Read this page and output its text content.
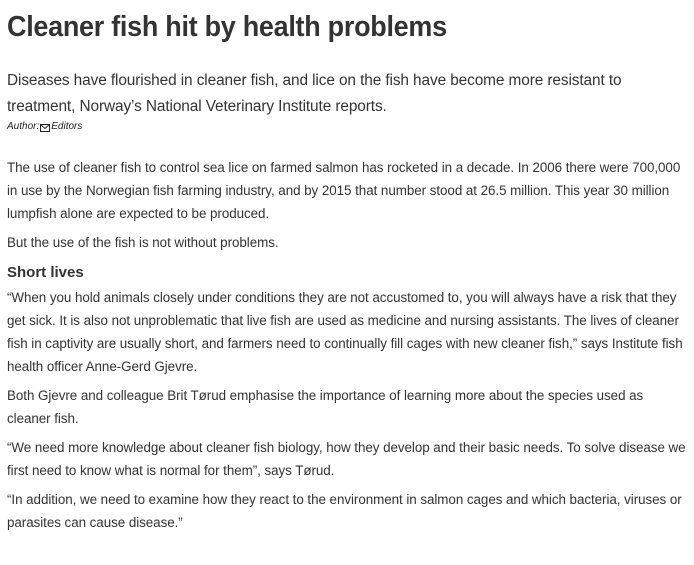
Cleaner fish hit by health problems

Diseases have flourished in cleaner fish, and lice on the fish have become more resistant to treatment, Norway’s National Veterinary Institute reports.

Author: Editors

The use of cleaner fish to control sea lice on farmed salmon has rocketed in a decade. In 2006 there were 700,000 in use by the Norwegian fish farming industry, and by 2015 that number stood at 26.5 million. This year 30 million lumpfish alone are expected to be produced.

But the use of the fish is not without problems.

Short lives

“When you hold animals closely under conditions they are not accustomed to, you will always have a risk that they get sick. It is also not unproblematic that live fish are used as medicine and nursing assistants. The lives of cleaner fish in captivity are usually short, and farmers need to continually fill cages with new cleaner fish,” says Institute fish health officer Anne-Gerd Gjevre.

Both Gjevre and colleague Brit Tørud emphasise the importance of learning more about the species used as cleaner fish.

“We need more knowledge about cleaner fish biology, how they develop and their basic needs. To solve disease we first need to know what is normal for them”, says Tørud.

“In addition, we need to examine how they react to the environment in salmon cages and which bacteria, viruses or parasites can cause disease.”
